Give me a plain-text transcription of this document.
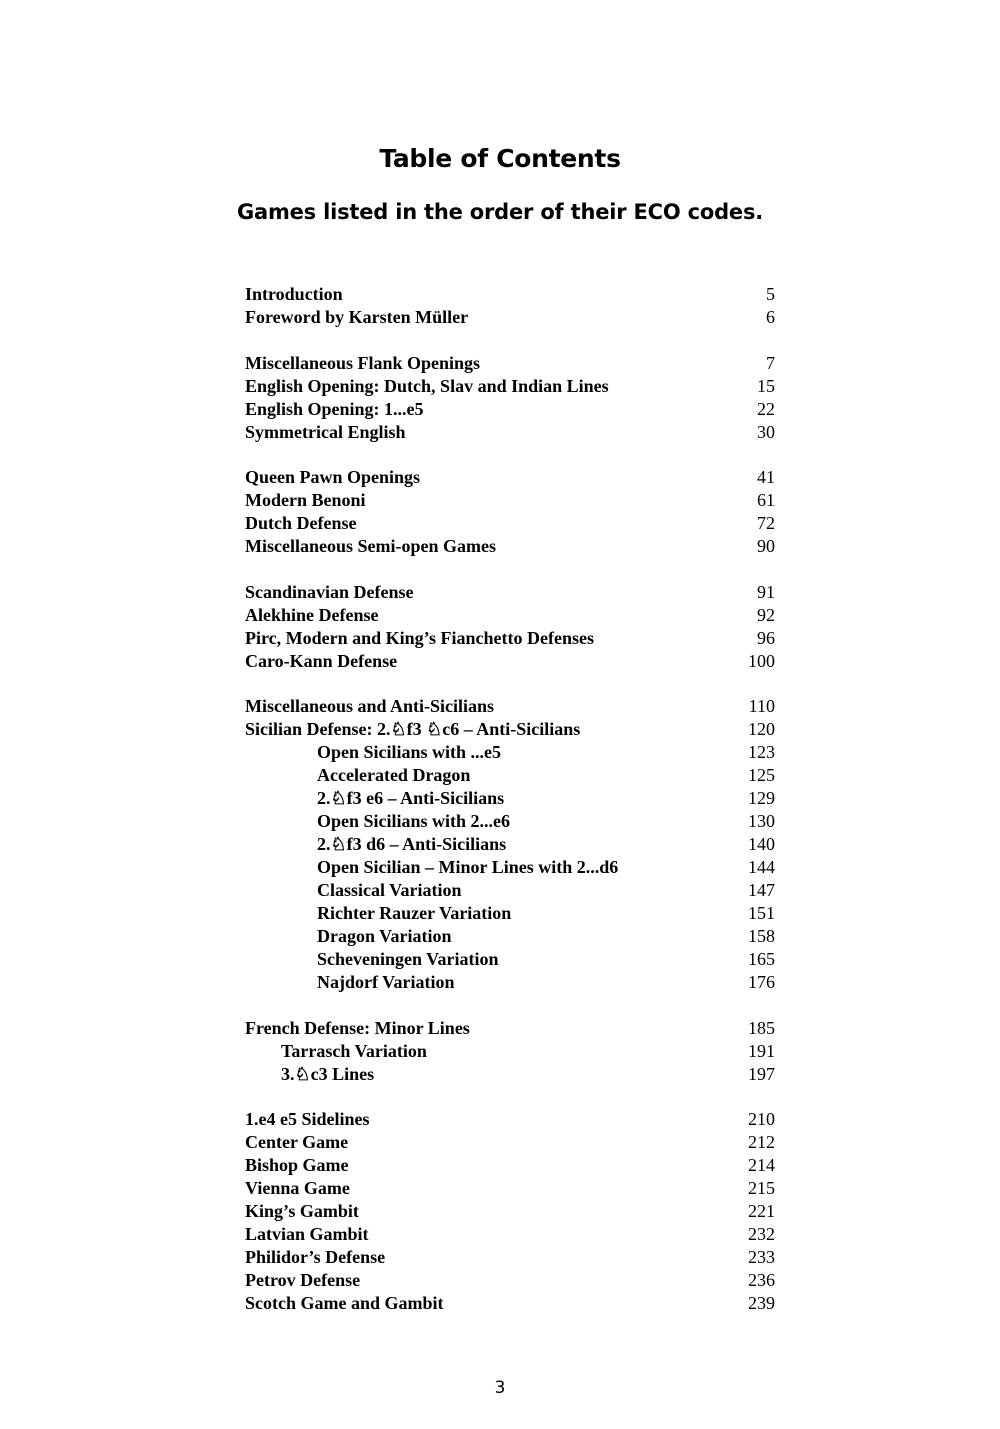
Table of Contents
Games listed in the order of their ECO codes.
Introduction	5
Foreword by Karsten Müller	6
Miscellaneous Flank Openings	7
English Opening: Dutch, Slav and Indian Lines	15
English Opening: 1...e5	22
Symmetrical English	30
Queen Pawn Openings	41
Modern Benoni	61
Dutch Defense	72
Miscellaneous Semi-open Games	90
Scandinavian Defense	91
Alekhine Defense	92
Pirc, Modern and King’s Fianchetto Defenses	96
Caro-Kann Defense	100
Miscellaneous and Anti-Sicilians	110
Sicilian Defense: 2.♘f3 ♘c6 – Anti-Sicilians	120
Open Sicilians with ...e5	123
Accelerated Dragon	125
2.♘f3 e6 – Anti-Sicilians	129
Open Sicilians with 2...e6	130
2.♘f3 d6 – Anti-Sicilians	140
Open Sicilian – Minor Lines with 2...d6	144
Classical Variation	147
Richter Rauzer Variation	151
Dragon Variation	158
Scheveningen Variation	165
Najdorf Variation	176
French Defense: Minor Lines	185
Tarrasch Variation	191
3.♘c3 Lines	197
1.e4 e5 Sidelines	210
Center Game	212
Bishop Game	214
Vienna Game	215
King’s Gambit	221
Latvian Gambit	232
Philidor’s Defense	233
Petrov Defense	236
Scotch Game and Gambit	239
3
